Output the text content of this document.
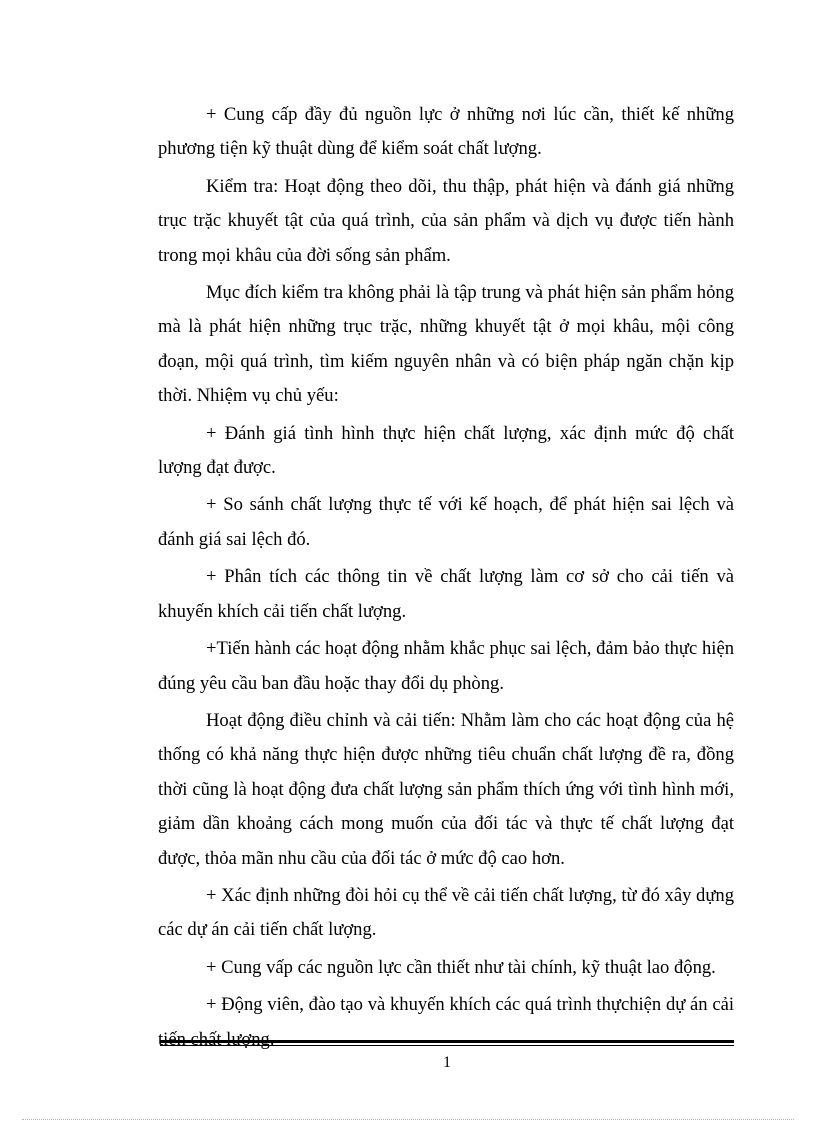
+ Cung cấp đầy đủ nguồn lực ở những nơi lúc cần, thiết kế những phương tiện kỹ thuật dùng để kiểm soát chất lượng.

Kiểm tra: Hoạt động theo dõi, thu thập, phát hiện và đánh giá những trục trặc khuyết tật của quá trình, của sản phẩm và dịch vụ được tiến hành trong mọi khâu của đời sống sản phẩm.

Mục đích kiểm tra không phải là tập trung và phát hiện sản phẩm hỏng mà là phát hiện những trục trặc, những khuyết tật ở mọi khâu, mội công đoạn, mội quá trình, tìm kiếm nguyên nhân và có biện pháp ngăn chặn kịp thời. Nhiệm vụ chủ yếu:

+ Đánh giá tình hình thực hiện chất lượng, xác định mức độ chất lượng đạt được.

+ So sánh chất lượng thực tế với kế hoạch, để phát hiện sai lệch và đánh giá sai lệch đó.

+ Phân tích các thông tin về chất lượng làm cơ sở cho cải tiến và khuyến khích cải tiến chất lượng.

+Tiến hành các hoạt động nhằm khắc phục sai lệch, đảm bảo thực hiện đúng yêu cầu ban đầu hoặc thay đổi dụ phòng.

Hoạt động điều chỉnh và cải tiến: Nhằm làm cho các hoạt động của hệ thống có khả năng thực hiện được những tiêu chuẩn chất lượng đề ra, đồng thời cũng là hoạt động đưa chất lượng sản phẩm thích ứng với tình hình mới, giảm dần khoảng cách mong muốn của đối tác và thực tế chất lượng đạt được, thỏa mãn nhu cầu của đối tác ở mức độ cao hơn.

+ Xác định những đòi hỏi cụ thể về cải tiến chất lượng, từ đó xây dựng các dự án cải tiến chất lượng.

+ Cung vấp các nguồn lực cần thiết như tài chính, kỹ thuật lao động.

+ Động viên, đào tạo và khuyến khích các quá trình thựchiện dự án cải tiến chất lượng.

1
